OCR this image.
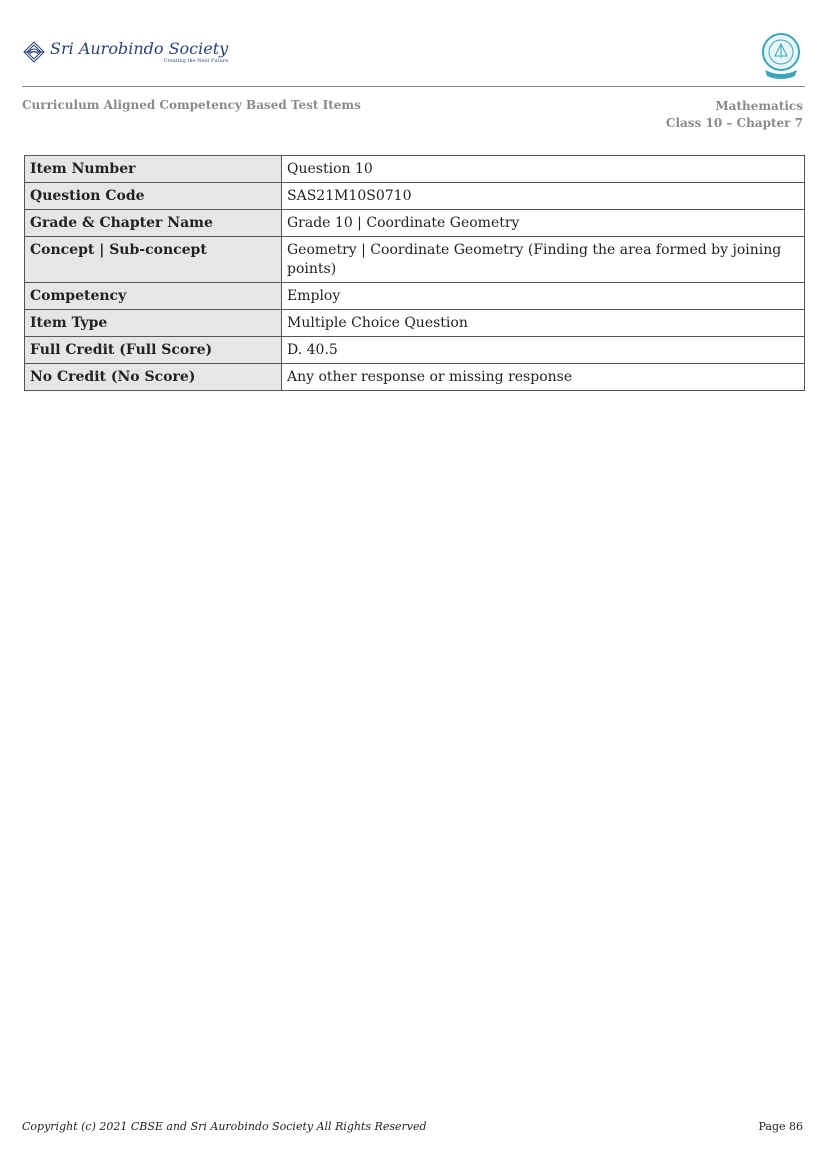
Sri Aurobindo Society
Creating the Next Future
Curriculum Aligned Competency Based Test Items	Mathematics
Class 10 – Chapter 7
Item Number	Question 10
Question Code	SAS21M10S0710
Grade & Chapter Name	Grade 10 | Coordinate Geometry
Concept | Sub-concept	Geometry | Coordinate Geometry (Finding the area formed by joining points)
Competency	Employ
Item Type	Multiple Choice Question
Full Credit (Full Score)	D. 40.5
No Credit (No Score)	Any other response or missing response
Copyright (c) 2021 CBSE and Sri Aurobindo Society All Rights Reserved	Page 86
